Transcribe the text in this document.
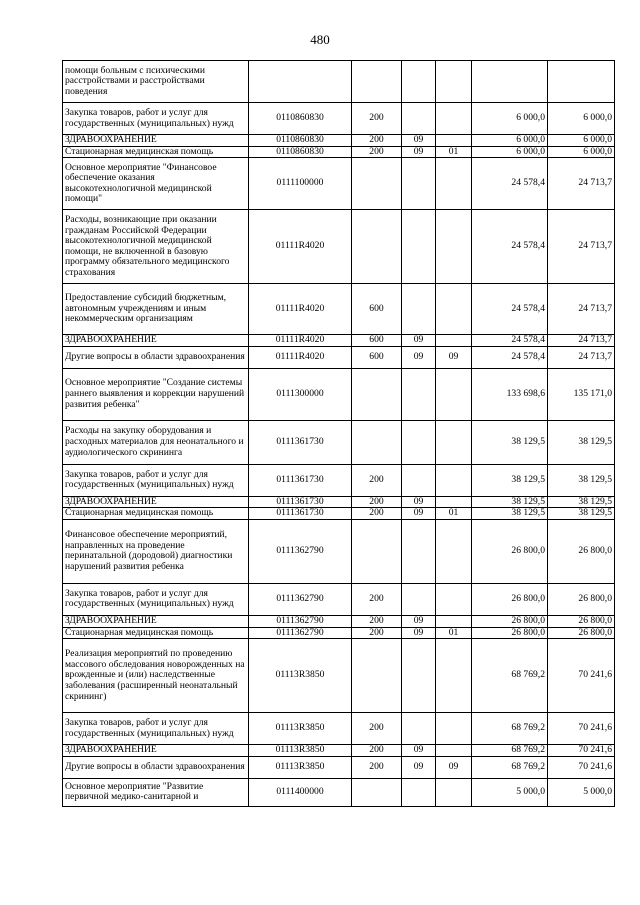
480
помощи больным с психическими расстройствами и расстройствами поведения						
Закупка товаров, работ и услуг для государственных (муниципальных) нужд	0110860830	200			6 000,0	6 000,0
ЗДРАВООХРАНЕНИЕ	0110860830	200	09		6 000,0	6 000,0
Стационарная медицинская помощь	0110860830	200	09	01	6 000,0	6 000,0
Основное мероприятие "Финансовое обеспечение оказания высокотехнологичной медицинской помощи"	0111100000				24 578,4	24 713,7
Расходы, возникающие при оказании гражданам Российской Федерации высокотехнологичной медицинской помощи, не включенной в базовую программу обязательного медицинского страхования	01111R4020				24 578,4	24 713,7
Предоставление субсидий бюджетным, автономным учреждениям и иным некоммерческим организациям	01111R4020	600			24 578,4	24 713,7
ЗДРАВООХРАНЕНИЕ	01111R4020	600	09		24 578,4	24 713,7
Другие вопросы в области здравоохранения	01111R4020	600	09	09	24 578,4	24 713,7
Основное мероприятие "Создание системы раннего выявления и коррекции нарушений развития ребенка"	0111300000				133 698,6	135 171,0
Расходы на закупку оборудования и расходных материалов для неонатального и аудиологического скрининга	0111361730				38 129,5	38 129,5
Закупка товаров, работ и услуг для государственных (муниципальных) нужд	0111361730	200			38 129,5	38 129,5
ЗДРАВООХРАНЕНИЕ	0111361730	200	09		38 129,5	38 129,5
Стационарная медицинская помощь	0111361730	200	09	01	38 129,5	38 129,5
Финансовое обеспечение мероприятий, направленных на проведение перинатальной (дородовой) диагностики нарушений развития ребенка	0111362790				26 800,0	26 800,0
Закупка товаров, работ и услуг для государственных (муниципальных) нужд	0111362790	200			26 800,0	26 800,0
ЗДРАВООХРАНЕНИЕ	0111362790	200	09		26 800,0	26 800,0
Стационарная медицинская помощь	0111362790	200	09	01	26 800,0	26 800,0
Реализация мероприятий по проведению массового обследования новорожденных на врожденные и (или) наследственные заболевания (расширенный неонатальный скрининг)	01113R3850				68 769,2	70 241,6
Закупка товаров, работ и услуг для государственных (муниципальных) нужд	01113R3850	200			68 769,2	70 241,6
ЗДРАВООХРАНЕНИЕ	01113R3850	200	09		68 769,2	70 241,6
Другие вопросы в области здравоохранения	01113R3850	200	09	09	68 769,2	70 241,6
Основное мероприятие "Развитие первичной медико-санитарной и	0111400000				5 000,0	5 000,0
